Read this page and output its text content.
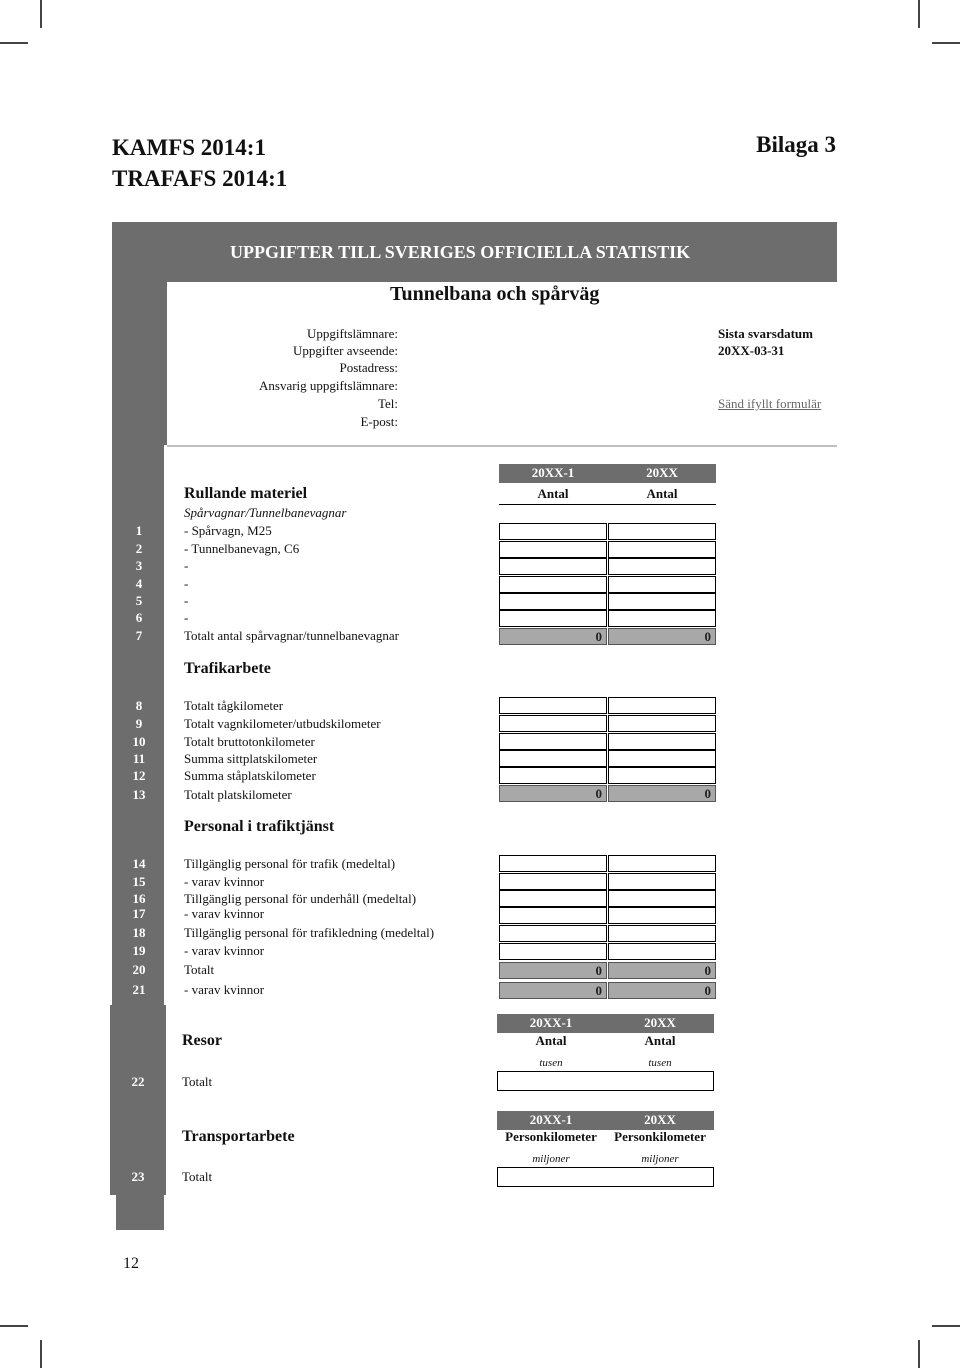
KAMFS 2014:1
TRAFAFS 2014:1
Bilaga 3
UPPGIFTER TILL SVERIGES OFFICIELLA STATISTIK
Tunnelbana och spårväg
Uppgiftslämnare:
Uppgifter avseende:
Postadress:
Ansvarig uppgiftslämnare:
Tel:
E-post:
Sista svarsdatum
20XX-03-31
Sänd ifyllt formulär
20XX-1	20XX
Antal	Antal
Rullande materiel
? Spårvagnar/Tunnelbanevagnar
1	- Spårvagn, M25
2	- Tunnelbanevagn, C6
3	-
4	-
5	-
6	-
7	Totalt antal spårvagnar/tunnelbanevagnar	0	0
Trafikarbete
8	? Totalt tågkilometer
9	? Totalt vagnkilometer/utbudskilometer
10	? Totalt bruttotonkilometer
11	? Summa sittplatskilometer
12	? Summa ståplatskilometer
13	Totalt platskilometer	0	0
Personal i trafiktjänst
?
14	Tillgänglig personal för trafik (medeltal)
15	- varav kvinnor
16	Tillgänglig personal för underhåll (medeltal)
17	- varav kvinnor
18	Tillgänglig personal för trafikledning (medeltal)
19	- varav kvinnor
20	Totalt	0	0
21	- varav kvinnor	0	0
20XX-1	20XX
Antal	Antal
tusen	tusen
Resor
22	? Totalt
20XX-1	20XX
Personkilometer	Personkilometer
miljoner	miljoner
Transportarbete
23	? Totalt
12
